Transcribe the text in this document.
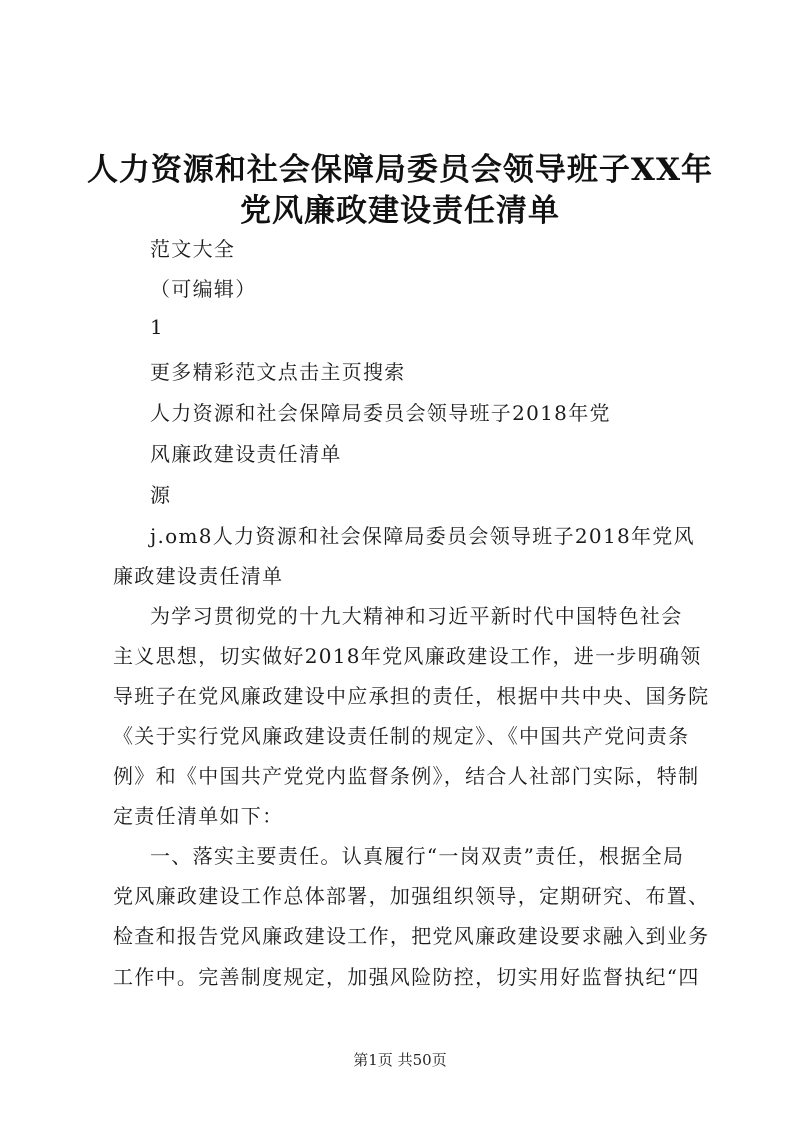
人力资源和社会保障局委员会领导班子XX年
党风廉政建设责任清单
范文大全
（可编辑）
1
更多精彩范文点击主页搜索
人力资源和社会保障局委员会领导班子2018年党
风廉政建设责任清单
源
j.om8人力资源和社会保障局委员会领导班子2018年党风
廉政建设责任清单
为学习贯彻党的十九大精神和习近平新时代中国特色社会
主义思想，切实做好2018年党风廉政建设工作，进一步明确领
导班子在党风廉政建设中应承担的责任，根据中共中央、国务院
《关于实行党风廉政建设责任制的规定》、《中国共产党问责条
例》和《中国共产党党内监督条例》，结合人社部门实际，特制
定责任清单如下：
一、落实主要责任。认真履行“一岗双责”责任，根据全局
党风廉政建设工作总体部署，加强组织领导，定期研究、布置、
检查和报告党风廉政建设工作，把党风廉政建设要求融入到业务
工作中。完善制度规定，加强风险防控，切实用好监督执纪“四
第1页 共50页
